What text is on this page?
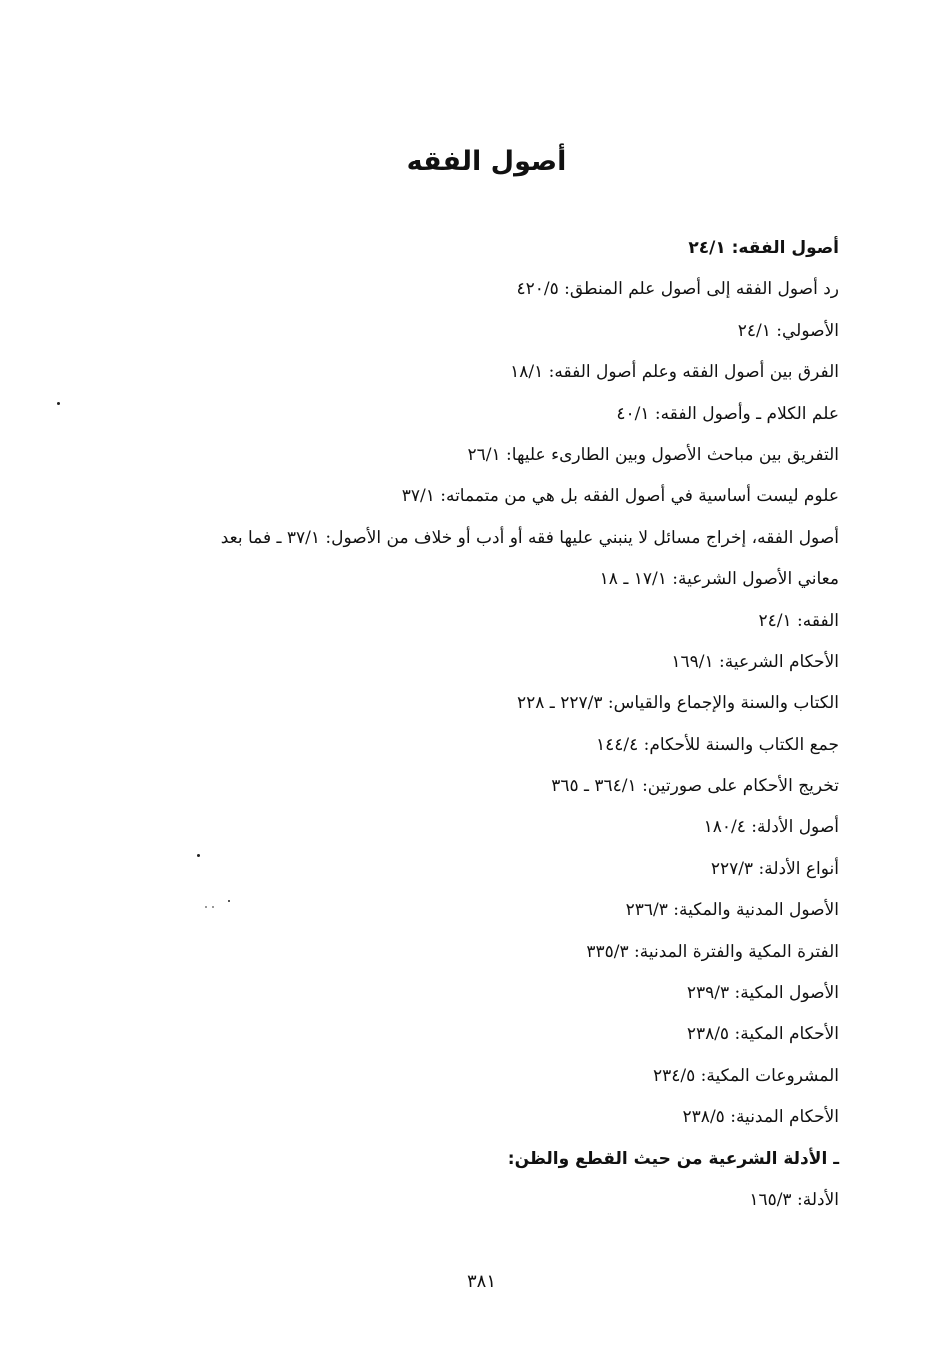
أصول الفقه
أصول الفقه: ٢٤/١
رد أصول الفقه إلى أصول علم المنطق: ٤٢٠/٥
الأصولي: ٢٤/١
الفرق بين أصول الفقه وعلم أصول الفقه: ١٨/١
علم الكلام ـ وأصول الفقه: ٤٠/١
التفريق بين مباحث الأصول وبين الطارىء عليها: ٢٦/١
علوم ليست أساسية في أصول الفقه بل هي من متمماته: ٣٧/١
أصول الفقه، إخراج مسائل لا ينبني عليها فقه أو أدب أو خلاف من الأصول: ٣٧/١ ـ فما بعد
معاني الأصول الشرعية: ١٧/١ ـ ١٨
الفقه: ٢٤/١
الأحكام الشرعية: ١٦٩/١
الكتاب والسنة والإجماع والقياس: ٢٢٧/٣ ـ ٢٢٨
جمع الكتاب والسنة للأحكام: ١٤٤/٤
تخريج الأحكام على صورتين: ٣٦٤/١ ـ ٣٦٥
أصول الأدلة: ١٨٠/٤
أنواع الأدلة: ٢٢٧/٣
الأصول المدنية والمكية: ٢٣٦/٣
الفترة المكية والفترة المدنية: ٣٣٥/٣
الأصول المكية: ٢٣٩/٣
الأحكام المكية: ٢٣٨/٥
المشروعات المكية: ٢٣٤/٥
الأحكام المدنية: ٢٣٨/٥
ـ الأدلة الشرعية من حيث القطع والظن:
الأدلة: ١٦٥/٣
٣٨١
